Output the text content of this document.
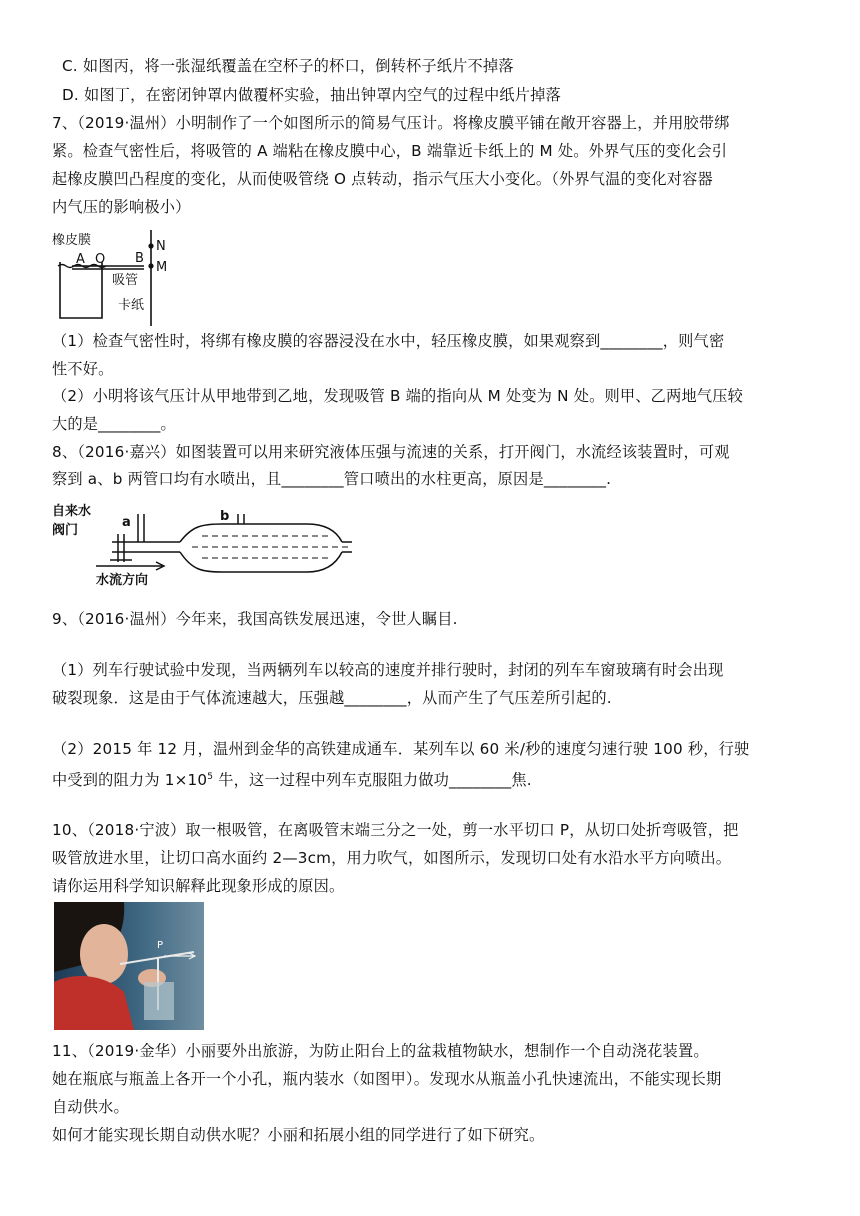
C. 如图丙，将一张湿纸覆盖在空杯子的杯口，倒转杯子纸片不掉落
D. 如图丁，在密闭钟罩内做覆杯实验，抽出钟罩内空气的过程中纸片掉落
7、（2019·温州）小明制作了一个如图所示的简易气压计。将橡皮膜平铺在敞开容器上，并用胶带绑
紧。检查气密性后，将吸管的 A 端粘在橡皮膜中心，B 端靠近卡纸上的 M 处。外界气压的变化会引
起橡皮膜凹凸程度的变化，从而使吸管绕 O 点转动，指示气压大小变化。（外界气温的变化对容器
内气压的影响极小）
橡皮膜
A O B
N
M
吸管
卡纸
（1）检查气密性时，将绑有橡皮膜的容器浸没在水中，轻压橡皮膜，如果观察到________，则气密
性不好。
（2）小明将该气压计从甲地带到乙地，发现吸管 B 端的指向从 M 处变为 N 处。则甲、乙两地气压较
大的是________。
8、（2016·嘉兴）如图装置可以用来研究液体压强与流速的关系，打开阀门，水流经该装置时，可观
察到 a、b 两管口均有水喷出，且________管口喷出的水柱更高，原因是________.
自来水
阀门
a	b
水流方向
9、（2016·温州）今年来，我国高铁发展迅速，令世人瞩目.
（1）列车行驶试验中发现，当两辆列车以较高的速度并排行驶时，封闭的列车车窗玻璃有时会出现
破裂现象．这是由于气体流速越大，压强越________，从而产生了气压差所引起的.
（2）2015 年 12 月，温州到金华的高铁建成通车．某列车以 60 米/秒的速度匀速行驶 100 秒，行驶
中受到的阻力为 $1\times 10^5$ 牛，这一过程中列车克服阻力做功________焦.
10、（2018·宁波）取一根吸管，在离吸管末端三分之一处，剪一水平切口 P，从切口处折弯吸管，把
吸管放进水里，让切口高水面约 2—3cm，用力吹气，如图所示，发现切口处有水沿水平方向喷出。
请你运用科学知识解释此现象形成的原因。
P
11、（2019·金华）小丽要外出旅游，为防止阳台上的盆栽植物缺水，想制作一个自动浇花装置。
她在瓶底与瓶盖上各开一个小孔，瓶内装水（如图甲）。发现水从瓶盖小孔快速流出，不能实现长期
自动供水。
如何才能实现长期自动供水呢？小丽和拓展小组的同学进行了如下研究。
